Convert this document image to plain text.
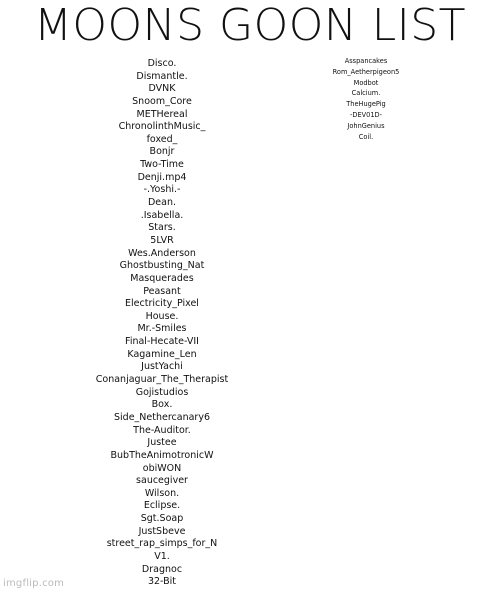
MOONS GOON LIST
Disco.
Dismantle.
DVNK
Snoom_Core
METHereal
ChronolinthMusic_
foxed_
Bonjr
Two-Time
Denji.mp4
-.Yoshi.-
Dean.
.Isabella.
Stars.
5LVR
Wes.Anderson
Ghostbusting_Nat
Masquerades
Peasant
Electricity_Pixel
House.
Mr.-Smiles
Final-Hecate-VII
Kagamine_Len
JustYachi
Conanjaguar_The_Therapist
Gojistudios
Box.
Side_Nethercanary6
The-Auditor.
Justee
BubTheAnimotronicW
obiWON
saucegiver
Wilson.
Eclipse.
Sgt.Soap
JustSbeve
street_rap_simps_for_N
V1.
Dragnoc
32-Bit
Asspancakes
Rom_Aetherpigeon5
Modbot
Calcium.
TheHugePig
-DEV01D-
JohnGenius
Coil.
imgflip.com
